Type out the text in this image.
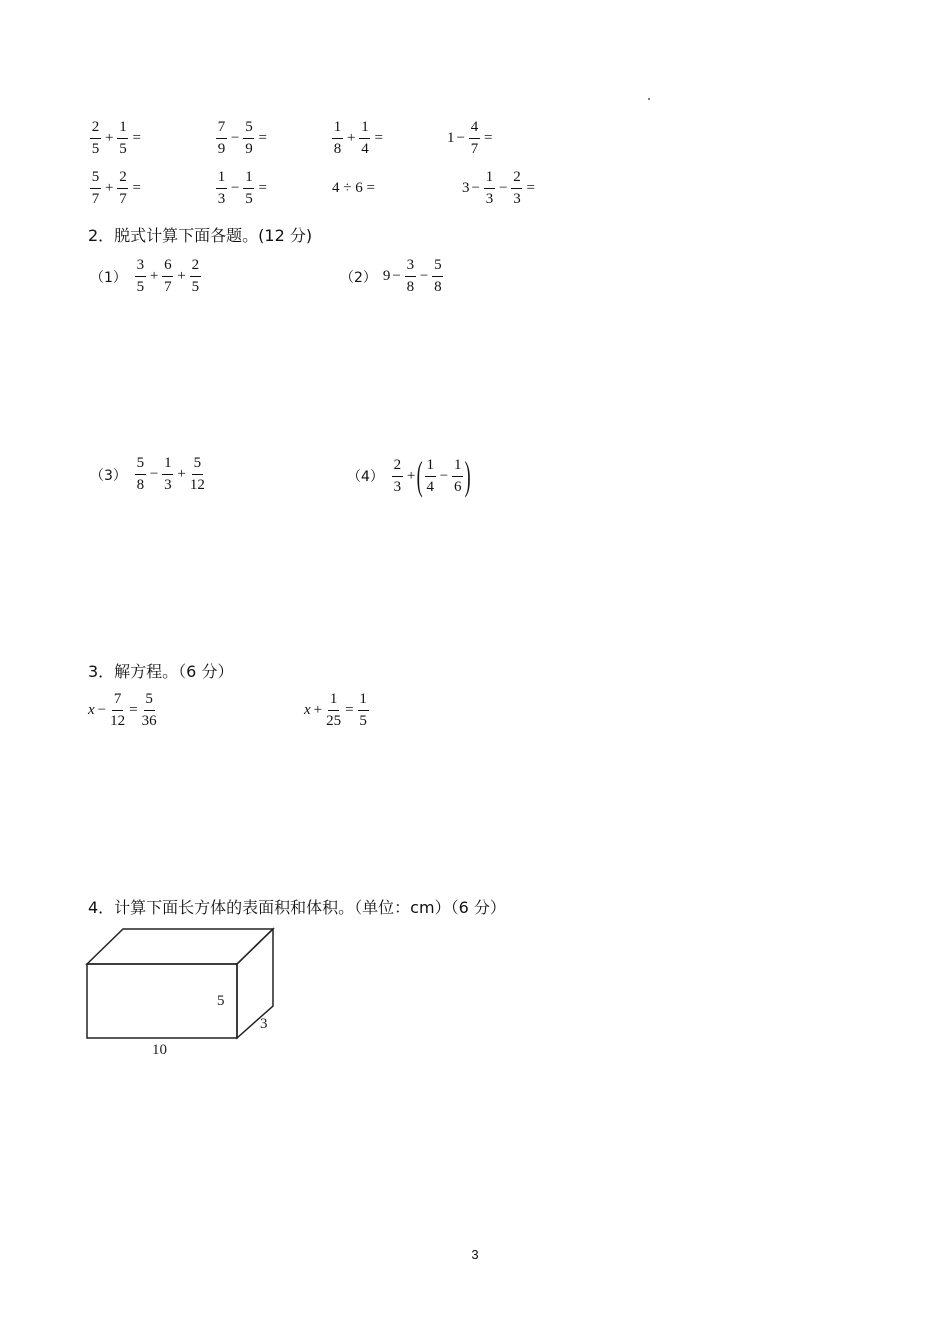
$\frac{2}{5} + \frac{1}{5}$ =	$\frac{7}{9} - \frac{5}{9}$ =	$\frac{1}{8} + \frac{1}{4}$ =	$1 - \frac{4}{7}$ =
$\frac{5}{7} + \frac{2}{7}$ =	$\frac{1}{3} - \frac{1}{5}$ =	4 ÷ 6 =	$3 - \frac{1}{3} - \frac{2}{3}$ =
2．脱式计算下面各题。(12 分)
$(1) \frac{3}{5} + \frac{6}{7} + \frac{2}{5}$	（2） $9 - \frac{3}{8} - \frac{5}{8}$
$(3) \frac{5}{8} - \frac{1}{3} + \frac{5}{12}$	$(4) \frac{2}{3}$ + ( $\frac{1}{4} - \frac{1}{6}$ )
3．解方程。（6 分）
$x - \frac{7}{12} = \frac{5}{36}$	$x + \frac{1}{25} = \frac{1}{5}$
4．计算下面长方体的表面积和体积。（单位：cm）（6 分）
5
3
10
3
